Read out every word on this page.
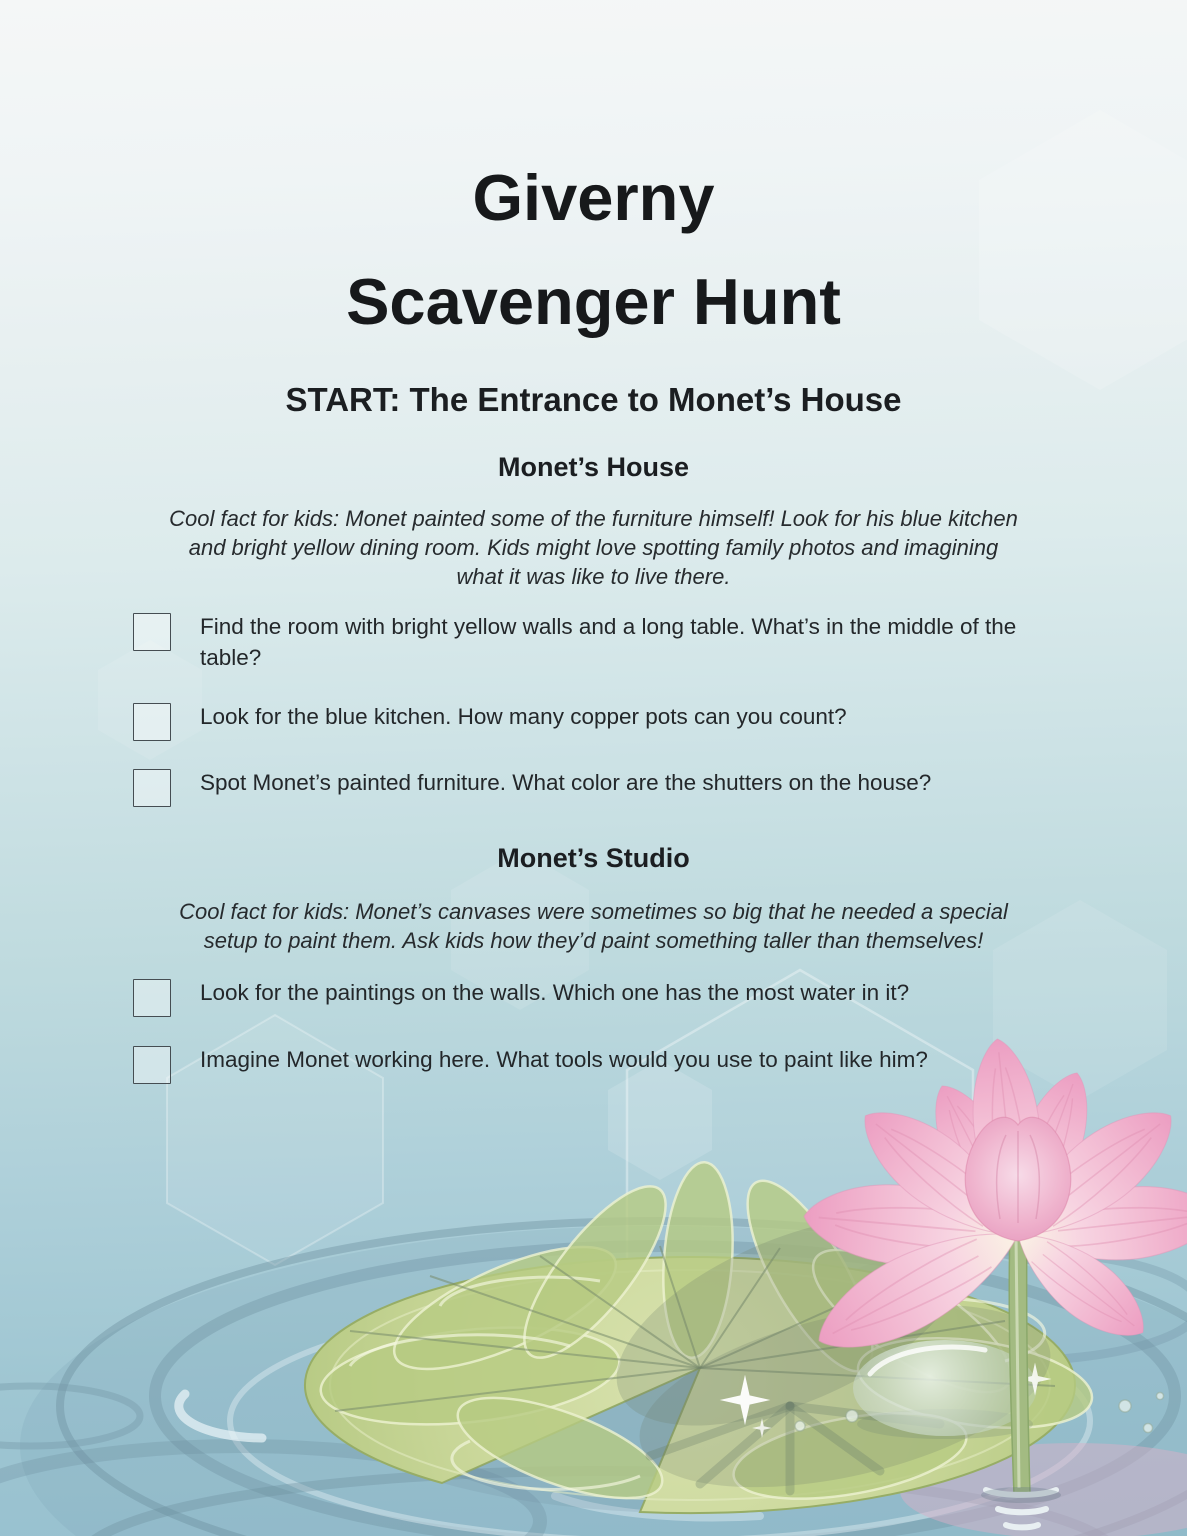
Giverny
Scavenger Hunt
START: The Entrance to Monet’s House
Monet’s House
Cool fact for kids: Monet painted some of the furniture himself! Look for his blue kitchen
and bright yellow dining room. Kids might love spotting family photos and imagining
what it was like to live there.
Find the room with bright yellow walls and a long table. What’s in the middle of the table?
Look for the blue kitchen. How many copper pots can you count?
Spot Monet’s painted furniture. What color are the shutters on the house?
Monet’s Studio
Cool fact for kids: Monet’s canvases were sometimes so big that he needed a special
setup to paint them. Ask kids how they’d paint something taller than themselves!
Look for the paintings on the walls. Which one has the most water in it?
Imagine Monet working here. What tools would you use to paint like him?
